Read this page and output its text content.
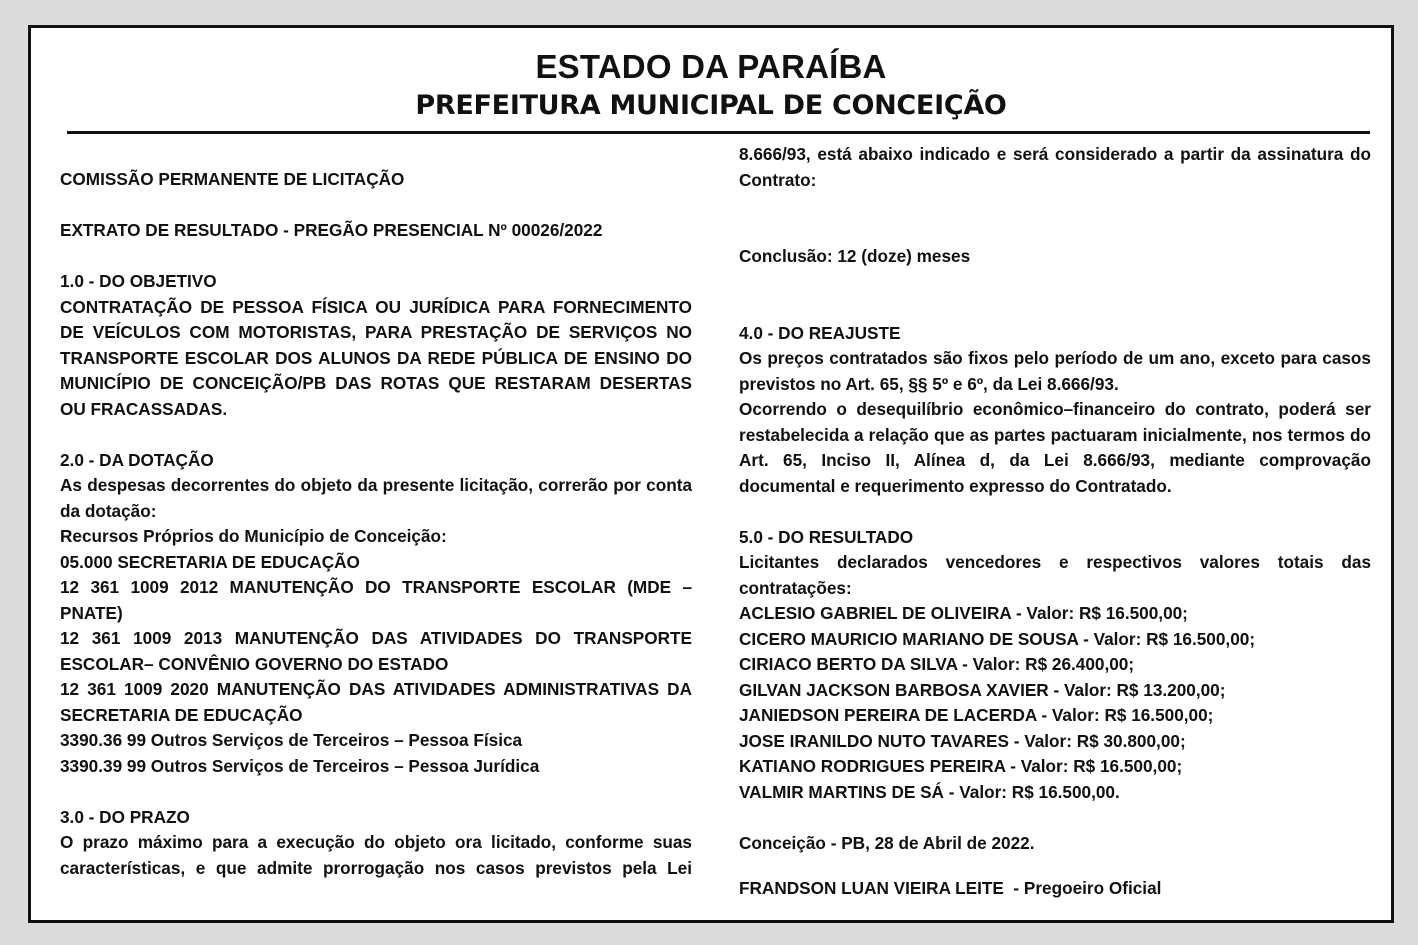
ESTADO DA PARAÍBA
PREFEITURA MUNICIPAL DE CONCEIÇÃO

COMISSÃO PERMANENTE DE LICITAÇÃO

EXTRATO DE RESULTADO - PREGÃO PRESENCIAL Nº 00026/2022

1.0 - DO OBJETIVO

CONTRATAÇÃO DE PESSOA FÍSICA OU JURÍDICA PARA FORNECIMENTO DE VEÍCULOS COM MOTORISTAS, PARA PRESTAÇÃO DE SERVIÇOS NO TRANSPORTE ESCOLAR DOS ALUNOS DA REDE PÚBLICA DE ENSINO DO MUNICÍPIO DE CONCEIÇÃO/PB DAS ROTAS QUE RESTARAM DESERTAS OU FRACASSADAS.

2.0 - DA DOTAÇÃO

As despesas decorrentes do objeto da presente licitação, correrão por conta da dotação:

Recursos Próprios do Município de Conceição:

05.000 SECRETARIA DE EDUCAÇÃO

12 361 1009 2012 MANUTENÇÃO DO TRANSPORTE ESCOLAR (MDE – PNATE)

12 361 1009 2013 MANUTENÇÃO DAS ATIVIDADES DO TRANSPORTE ESCOLAR– CONVÊNIO GOVERNO DO ESTADO

12 361 1009 2020 MANUTENÇÃO DAS ATIVIDADES ADMINISTRATIVAS DA SECRETARIA DE EDUCAÇÃO

3390.36 99 Outros Serviços de Terceiros – Pessoa Física

3390.39 99 Outros Serviços de Terceiros – Pessoa Jurídica

3.0 - DO PRAZO

O prazo máximo para a execução do objeto ora licitado, conforme suas características, e que admite prorrogação nos casos previstos pela Lei

8.666/93, está abaixo indicado e será considerado a partir da assinatura do Contrato:

Conclusão: 12 (doze) meses

4.0 - DO REAJUSTE

Os preços contratados são fixos pelo período de um ano, exceto para casos previstos no Art. 65, §§ 5º e 6º, da Lei 8.666/93.

Ocorrendo o desequilíbrio econômico–financeiro do contrato, poderá ser restabelecida a relação que as partes pactuaram inicialmente, nos termos do Art. 65, Inciso II, Alínea d, da Lei 8.666/93, mediante comprovação documental e requerimento expresso do Contratado.

5.0 - DO RESULTADO

Licitantes declarados vencedores e respectivos valores totais das contratações:

ACLESIO GABRIEL DE OLIVEIRA - Valor: R$ 16.500,00;

CICERO MAURICIO MARIANO DE SOUSA - Valor: R$ 16.500,00;

CIRIACO BERTO DA SILVA - Valor: R$ 26.400,00;

GILVAN JACKSON BARBOSA XAVIER - Valor: R$ 13.200,00;

JANIEDSON PEREIRA DE LACERDA - Valor: R$ 16.500,00;

JOSE IRANILDO NUTO TAVARES - Valor: R$ 30.800,00;

KATIANO RODRIGUES PEREIRA - Valor: R$ 16.500,00;

VALMIR MARTINS DE SÁ - Valor: R$ 16.500,00.

Conceição - PB, 28 de Abril de 2022.

FRANDSON LUAN VIEIRA LEITE  - Pregoeiro Oficial
